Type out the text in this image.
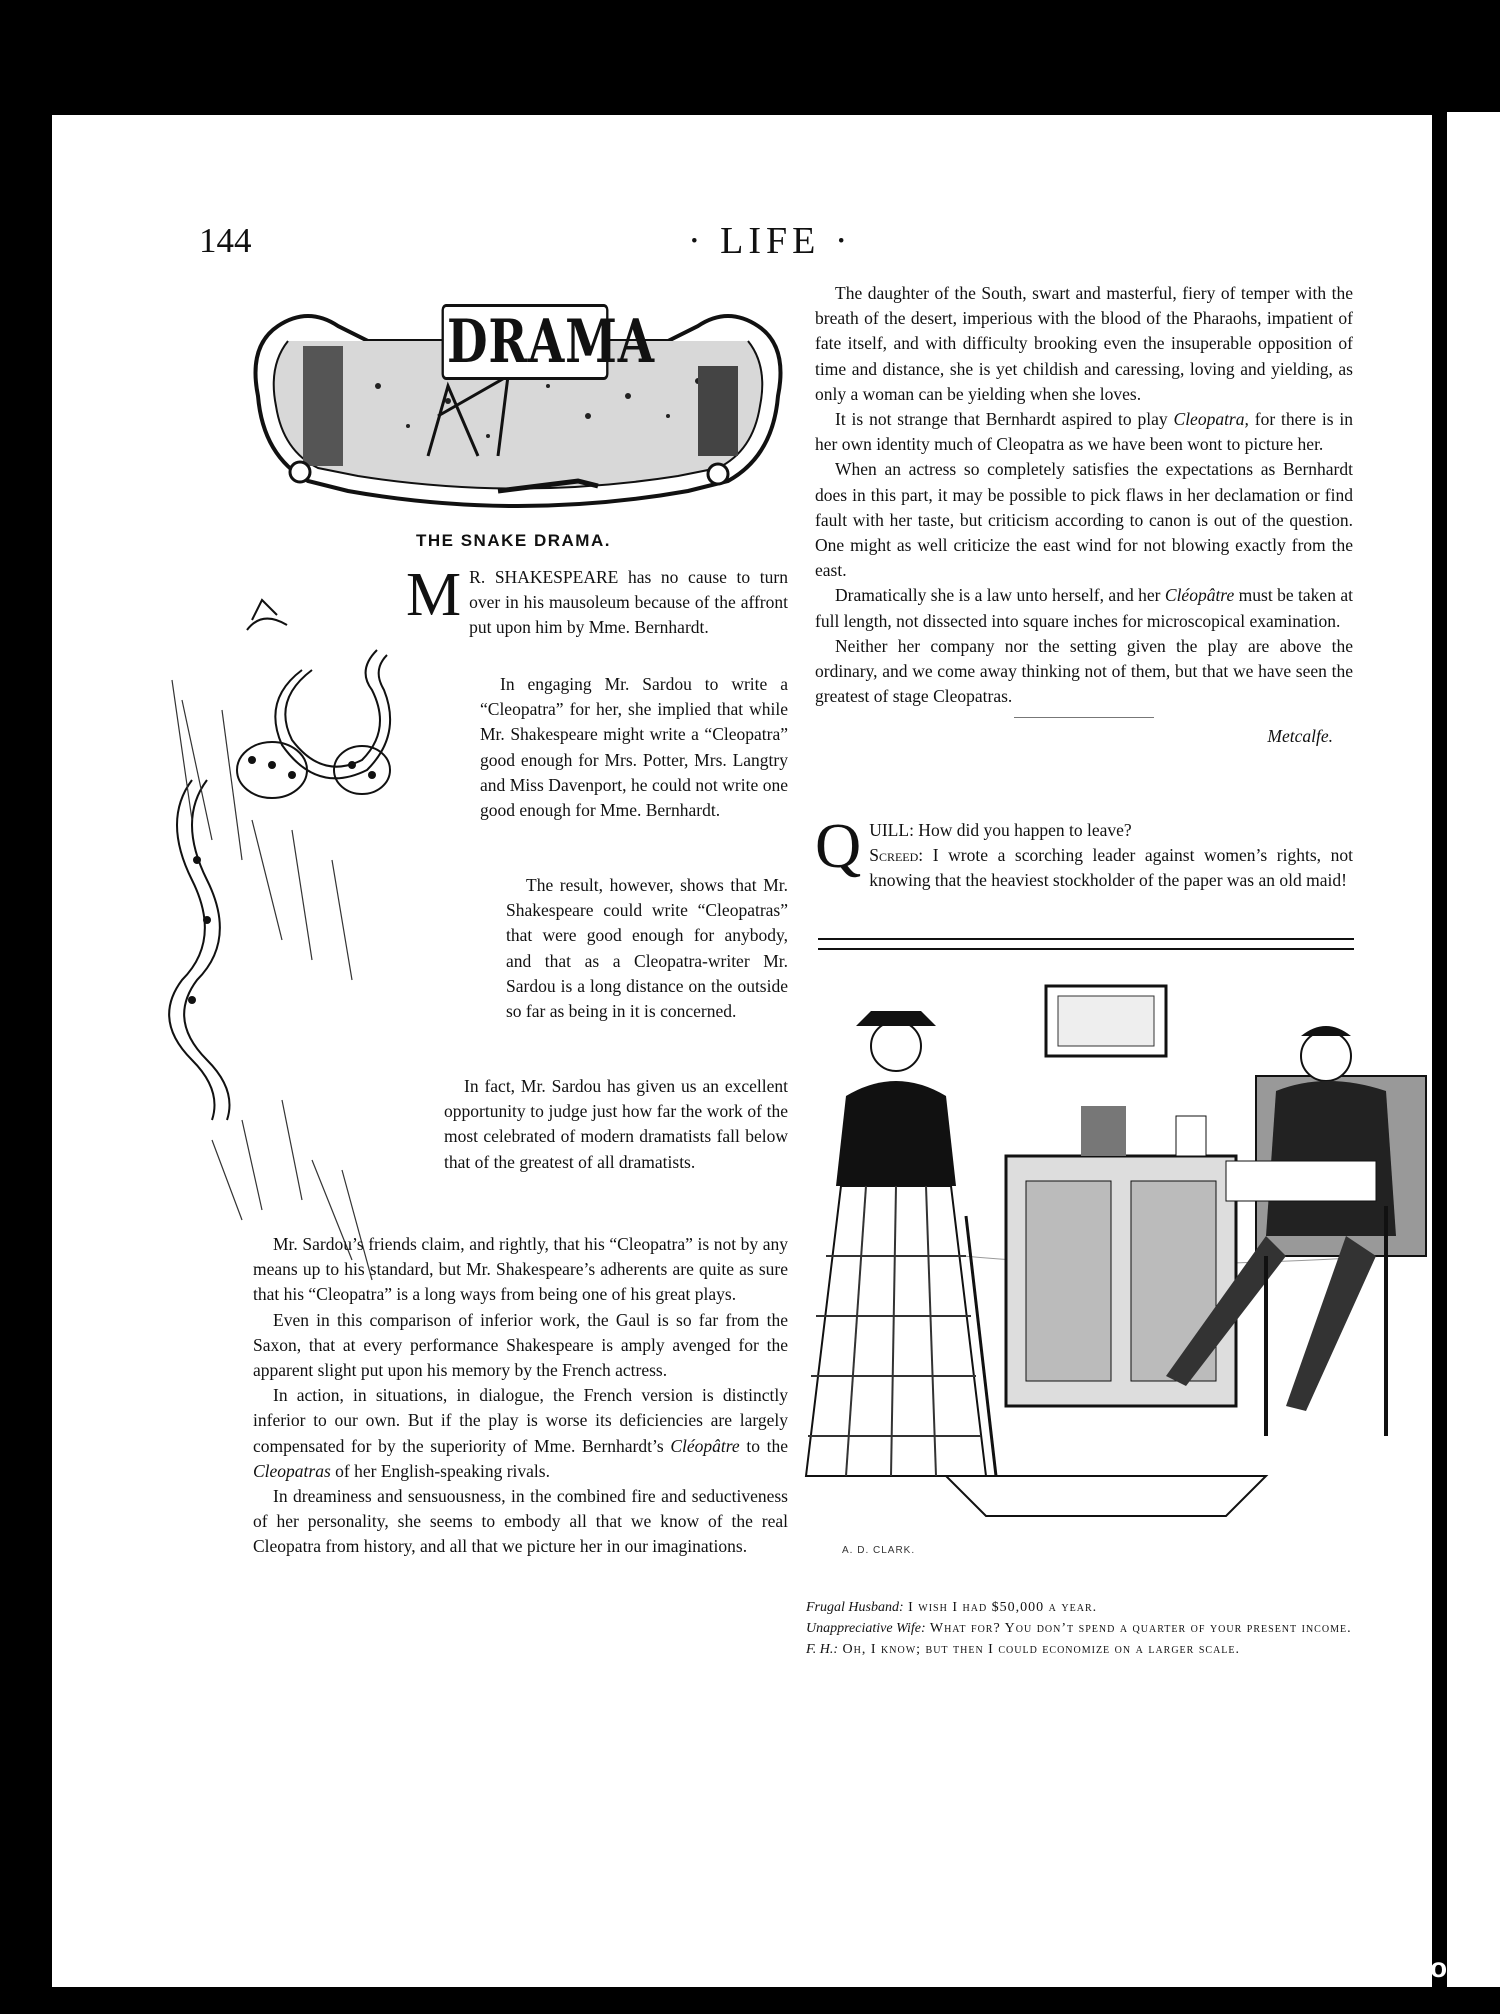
144	· LIFE ·
DRAMA
THE SNAKE DRAMA.
M R. SHAKESPEARE has no cause to turn over in his mausoleum because of the affront put upon him by Mme. Bernhardt.

In engaging Mr. Sardou to write a “Cleopatra” for her, she implied that while Mr. Shakespeare might write a “Cleopatra” good enough for Mrs. Potter, Mrs. Langtry and Miss Davenport, he could not write one good enough for Mme. Bernhardt.

The result, however, shows that Mr. Shakespeare could write “Cleopatras” that were good enough for anybody, and that as a Cleopatra-writer Mr. Sardou is a long distance on the outside so far as being in it is concerned.

In fact, Mr. Sardou has given us an excellent opportunity to judge just how far the work of the most celebrated of modern dramatists fall below that of the greatest of all dramatists.

Mr. Sardou’s friends claim, and rightly, that his “Cleopatra” is not by any means up to his standard, but Mr. Shakespeare’s adherents are quite as sure that his “Cleopatra” is a long ways from being one of his great plays.

Even in this comparison of inferior work, the Gaul is so far from the Saxon, that at every performance Shakespeare is amply avenged for the apparent slight put upon his memory by the French actress.

In action, in situations, in dialogue, the French version is distinctly inferior to our own. But if the play is worse its deficiencies are largely compensated for by the superiority of Mme. Bernhardt’s Cléopâtre to the Cleopatras of her English-speaking rivals.

In dreaminess and sensuousness, in the combined fire and seductiveness of her personality, she seems to embody all that we know of the real Cleopatra from history, and all that we picture her in our imaginations.

The daughter of the South, swart and masterful, fiery of temper with the breath of the desert, imperious with the blood of the Pharaohs, impatient of fate itself, and with difficulty brooking even the insuperable opposition of time and distance, she is yet childish and caressing, loving and yielding, as only a woman can be yielding when she loves.

It is not strange that Bernhardt aspired to play Cleopatra, for there is in her own identity much of Cleopatra as we have been wont to picture her.

When an actress so completely satisfies the expectations as Bernhardt does in this part, it may be possible to pick flaws in her declamation or find fault with her taste, but criticism according to canon is out of the question. One might as well criticize the east wind for not blowing exactly from the east.

Dramatically she is a law unto herself, and her Cléopâtre must be taken at full length, not dissected into square inches for microscopical examination.

Neither her company nor the setting given the play are above the ordinary, and we come away thinking not of them, but that we have seen the greatest of stage Cleopatras.

Metcalfe.
Q UILL: How did you happen to leave?
Screed: I wrote a scorching leader against women’s rights, not knowing that the heaviest stockholder of the paper was an old maid!
A. D. CLARK.

Frugal Husband: I wish I had $50,000 a year.

Unappreciative Wife: What for? You don’t spend a quarter of your present income.

F. H.: Oh, I know; but then I could economize on a larger scale.

comicbooks.com
